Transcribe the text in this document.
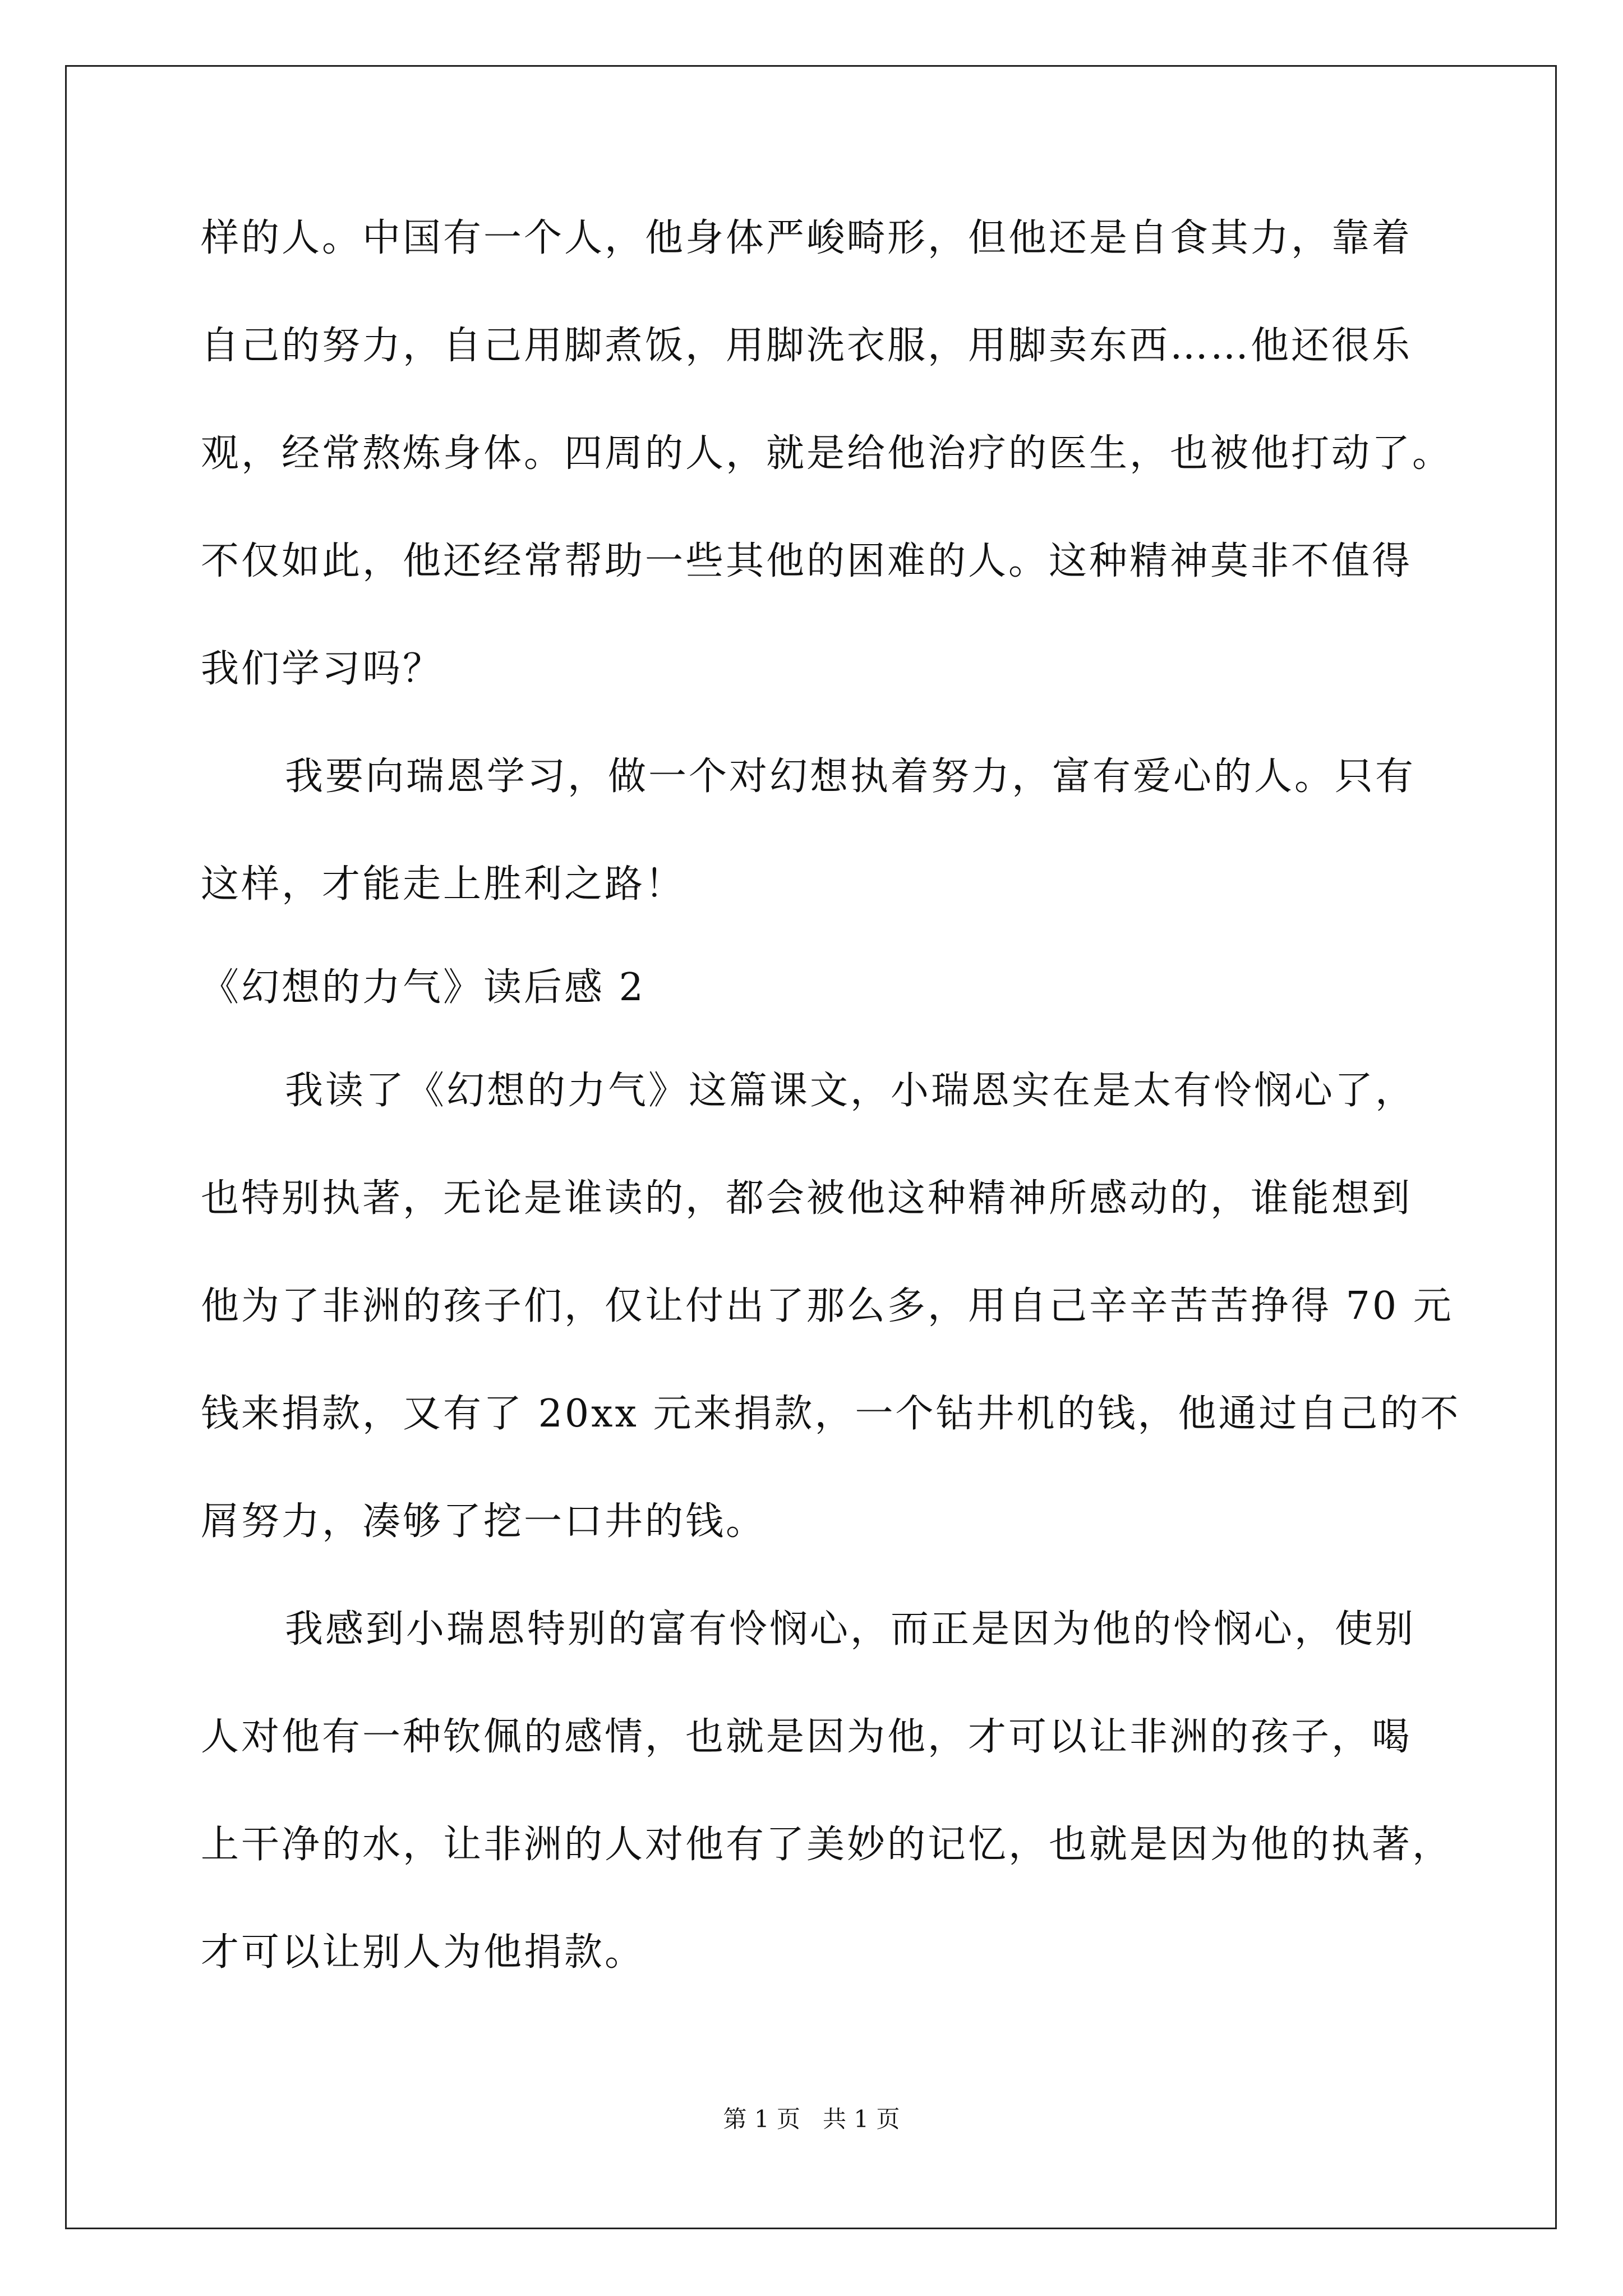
样的人。中国有一个人，他身体严峻畸形，但他还是自食其力，靠着
自己的努力，自己用脚煮饭，用脚洗衣服，用脚卖东西……他还很乐
观，经常熬炼身体。四周的人，就是给他治疗的医生，也被他打动了。
不仅如此，他还经常帮助一些其他的困难的人。这种精神莫非不值得
我们学习吗？
我要向瑞恩学习，做一个对幻想执着努力，富有爱心的人。只有
这样，才能走上胜利之路！
《幻想的力气》读后感 2
我读了《幻想的力气》这篇课文，小瑞恩实在是太有怜悯心了，
也特别执著，无论是谁读的，都会被他这种精神所感动的，谁能想到
他为了非洲的孩子们，仅让付出了那么多，用自己辛辛苦苦挣得 70 元
钱来捐款，又有了 20xx 元来捐款，一个钻井机的钱，他通过自己的不
屑努力，凑够了挖一口井的钱。
我感到小瑞恩特别的富有怜悯心，而正是因为他的怜悯心，使别
人对他有一种钦佩的感情，也就是因为他，才可以让非洲的孩子，喝
上干净的水，让非洲的人对他有了美妙的记忆，也就是因为他的执著，
才可以让别人为他捐款。
第 1 页   共 1 页
